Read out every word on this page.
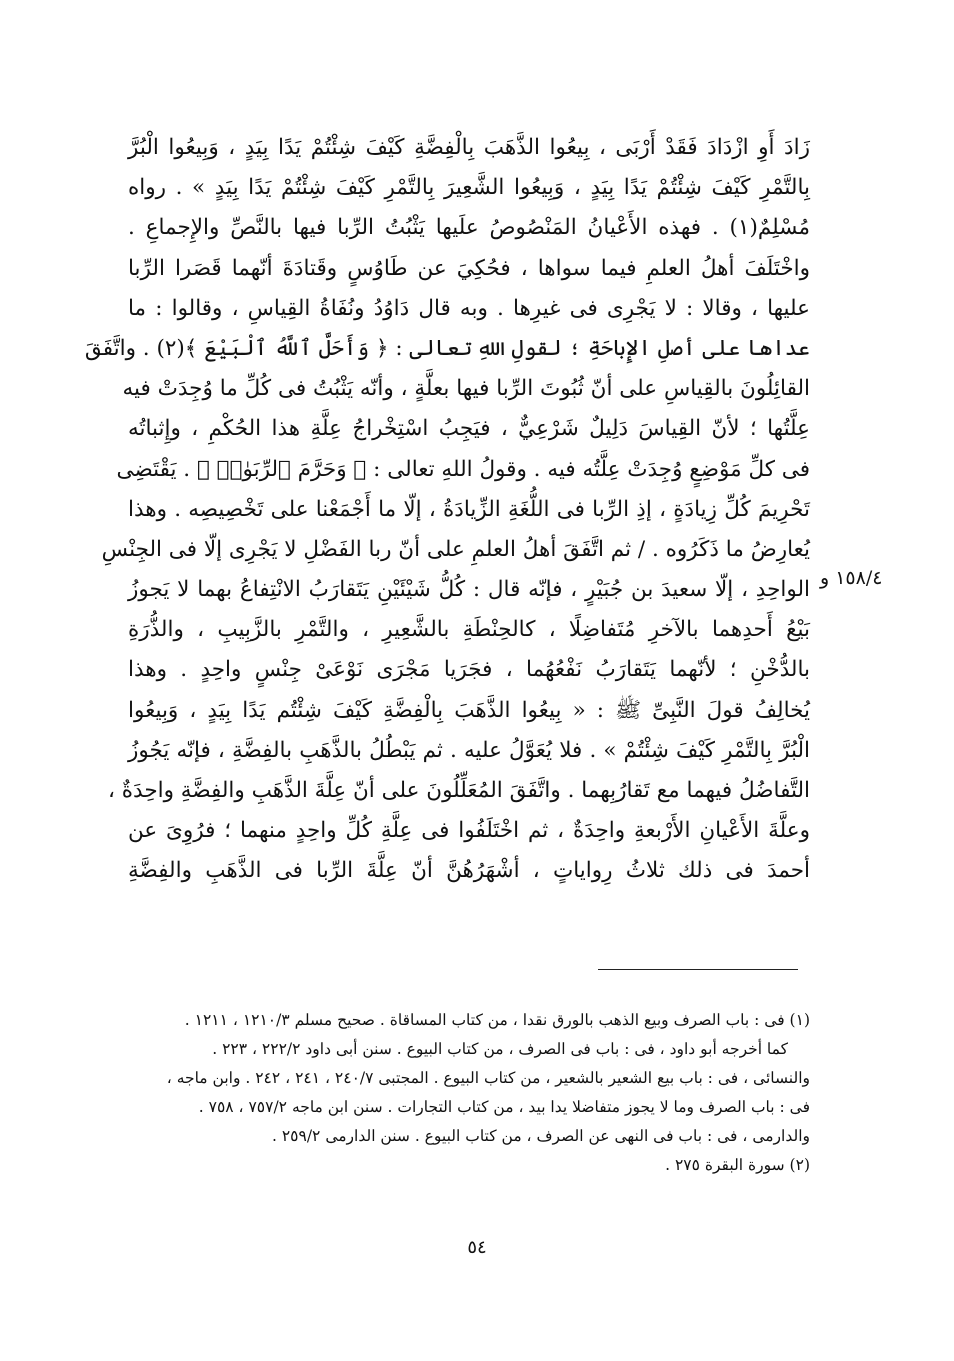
زَادَ أَوِ ازْدَادَ فَقَدْ أَرْبَى ، بِيعُوا الذَّهَبَ بِالْفِضَّةِ كَيْفَ شِئْتُمْ يَدًا بِيَدٍ ، وَبِيعُوا الْبُرَّ
بِالتَّمْرِ كَيْفَ شِئْتُمْ يَدًا بِيَدٍ ، وَبِيعُوا الشَّعِيرَ بِالتَّمْرِ كَيْفَ شِئْتُمْ يَدًا بِيَدٍ » . رواه
مُسْلِمٌ(١) . فهذه الأَعْيانُ المَنْصُوصُ علَيها يَثْبُتُ الرِّبا فيها بالنَّصِّ والإِجماعِ .
واخْتَلَفَ أهلُ العلمِ فيما سواها ، فحُكِيَ عن طَاوُسٍ وقَتادَةَ أنّهما قَصَرا الرِّبا
عليها ، وقالا : لا يَجْرِى فى غيرِها . وبه قال دَاوُدُ ونُفَاةُ القِياسِ ، وقالوا : ما
عداها على أصلِ الإِباحَةِ ؛ لقولِ اللهِ تعالى : ﴿ وَأَحَلَّ ٱللَّهُ ٱلْبَيْعَ ﴾(٢) . واتَّفَقَ
القائِلُونَ بالقِياسِ على أنّ ثُبُوتَ الرِّبا فيها بعلَّةٍ ، وأنّه يَثْبُتُ فى كُلِّ ما وُجِدَتْ فيه
عِلَّتُها ؛ لأنّ القِياسَ دَلِيلٌ شَرْعِيٌّ ، فيَجِبُ اسْتِخْراجُ عِلَّةِ هذا الحُكْمِ ، وإِثباتُه
فى كلِّ مَوْضِعٍ وُجِدَتْ عِلَّتُه فيه . وقولُ اللهِ تعالى : ﴿ وَحَرَّمَ ٱلرِّبَوٰا۟ ﴾ . يَقْتَضِى
تَحْرِيمَ كُلِّ زِيادَةٍ ، إذِ الرِّبا فى اللُّغَةِ الزِّيادَةُ ، إلّا ما أَجْمَعْنا على تَخْصِيصِه . وهذا
يُعارِضُ ما ذَكَرُوه . / ثم اتَّفَقَ أهلُ العلمِ على أنّ ربا الفَضْلِ لا يَجْرِى إلّا فى الجِنْسِ
الواحِدِ ، إلّا سعيدَ بن جُبَيْرٍ ، فإنّه قال : كُلُّ شَيْئَيْنِ يَتَقارَبُ الانْتِفاعُ بهما لا يَجوزُ
بَيْعُ أَحدِهما بالآخرِ مُتَفاضِلًا ، كالحِنْطَةِ بالشَّعِيرِ ، والتَّمْرِ بالزَّبِيبِ ، والذُّرَةِ
بالدُّخْنِ ؛ لأنّهما يَتَقارَبُ نَفْعُهُما ، فجَرَيا مَجْرَى نَوْعَىْ جِنْسٍ واحِدٍ . وهذا
يُخالِفُ قولَ النَّبِىِّ ﷺ : « بِيعُوا الذَّهَبَ بِالْفِضَّةِ كَيْفَ شِئْتُم يَدًا بِيَدٍ ، وَبِيعُوا
الْبُرَّ بِالتَّمْرِ كَيْفَ شِئْتُمْ » . فلا يُعَوَّلُ عليه . ثم يَبْطُلُ بالذَّهَبِ بالفِضَّةِ ، فإنّه يَجُوزُ
التَّفاضُلُ فيهما مع تَقارُبِهما . واتَّفَقَ المُعَلِّلُونَ على أنّ عِلَّةَ الذَّهَبِ والفِضَّةِ واحِدَةٌ ،
وعلَّةَ الأَعْيانِ الأَرْبعةِ واحِدَةٌ ، ثم اخْتَلَفُوا فى عِلَّةِ كُلِّ واحِدٍ منهما ؛ فرُوِىَ عن
أحمدَ فى ذلك ثلاثُ رِواياتٍ ، أشْهَرُهُنَّ أنّ عِلَّةَ الرِّبا فى الذَّهَبِ والفِضَّةِ
١٥٨/٤ و
(١) فى : باب الصرف وبيع الذهب بالورق نقدا ، من كتاب المساقاة . صحيح مسلم ١٢١٠/٣ ، ١٢١١ .
كما أخرجه أبو داود ، فى : باب فى الصرف ، من كتاب البيوع . سنن أبى داود ٢٢٢/٢ ، ٢٢٣ .
والنسائى ، فى : باب بيع الشعير بالشعير ، من كتاب البيوع . المجتبى ٢٤٠/٧ ، ٢٤١ ، ٢٤٢ . وابن ماجه ،
فى : باب الصرف وما لا يجوز متفاضلا يدا بيد ، من كتاب التجارات . سنن ابن ماجه ٧٥٧/٢ ، ٧٥٨ .
والدارمى ، فى : باب فى النهى عن الصرف ، من كتاب البيوع . سنن الدارمى ٢٥٩/٢ .
(٢) سورة البقرة ٢٧٥ .
٥٤
